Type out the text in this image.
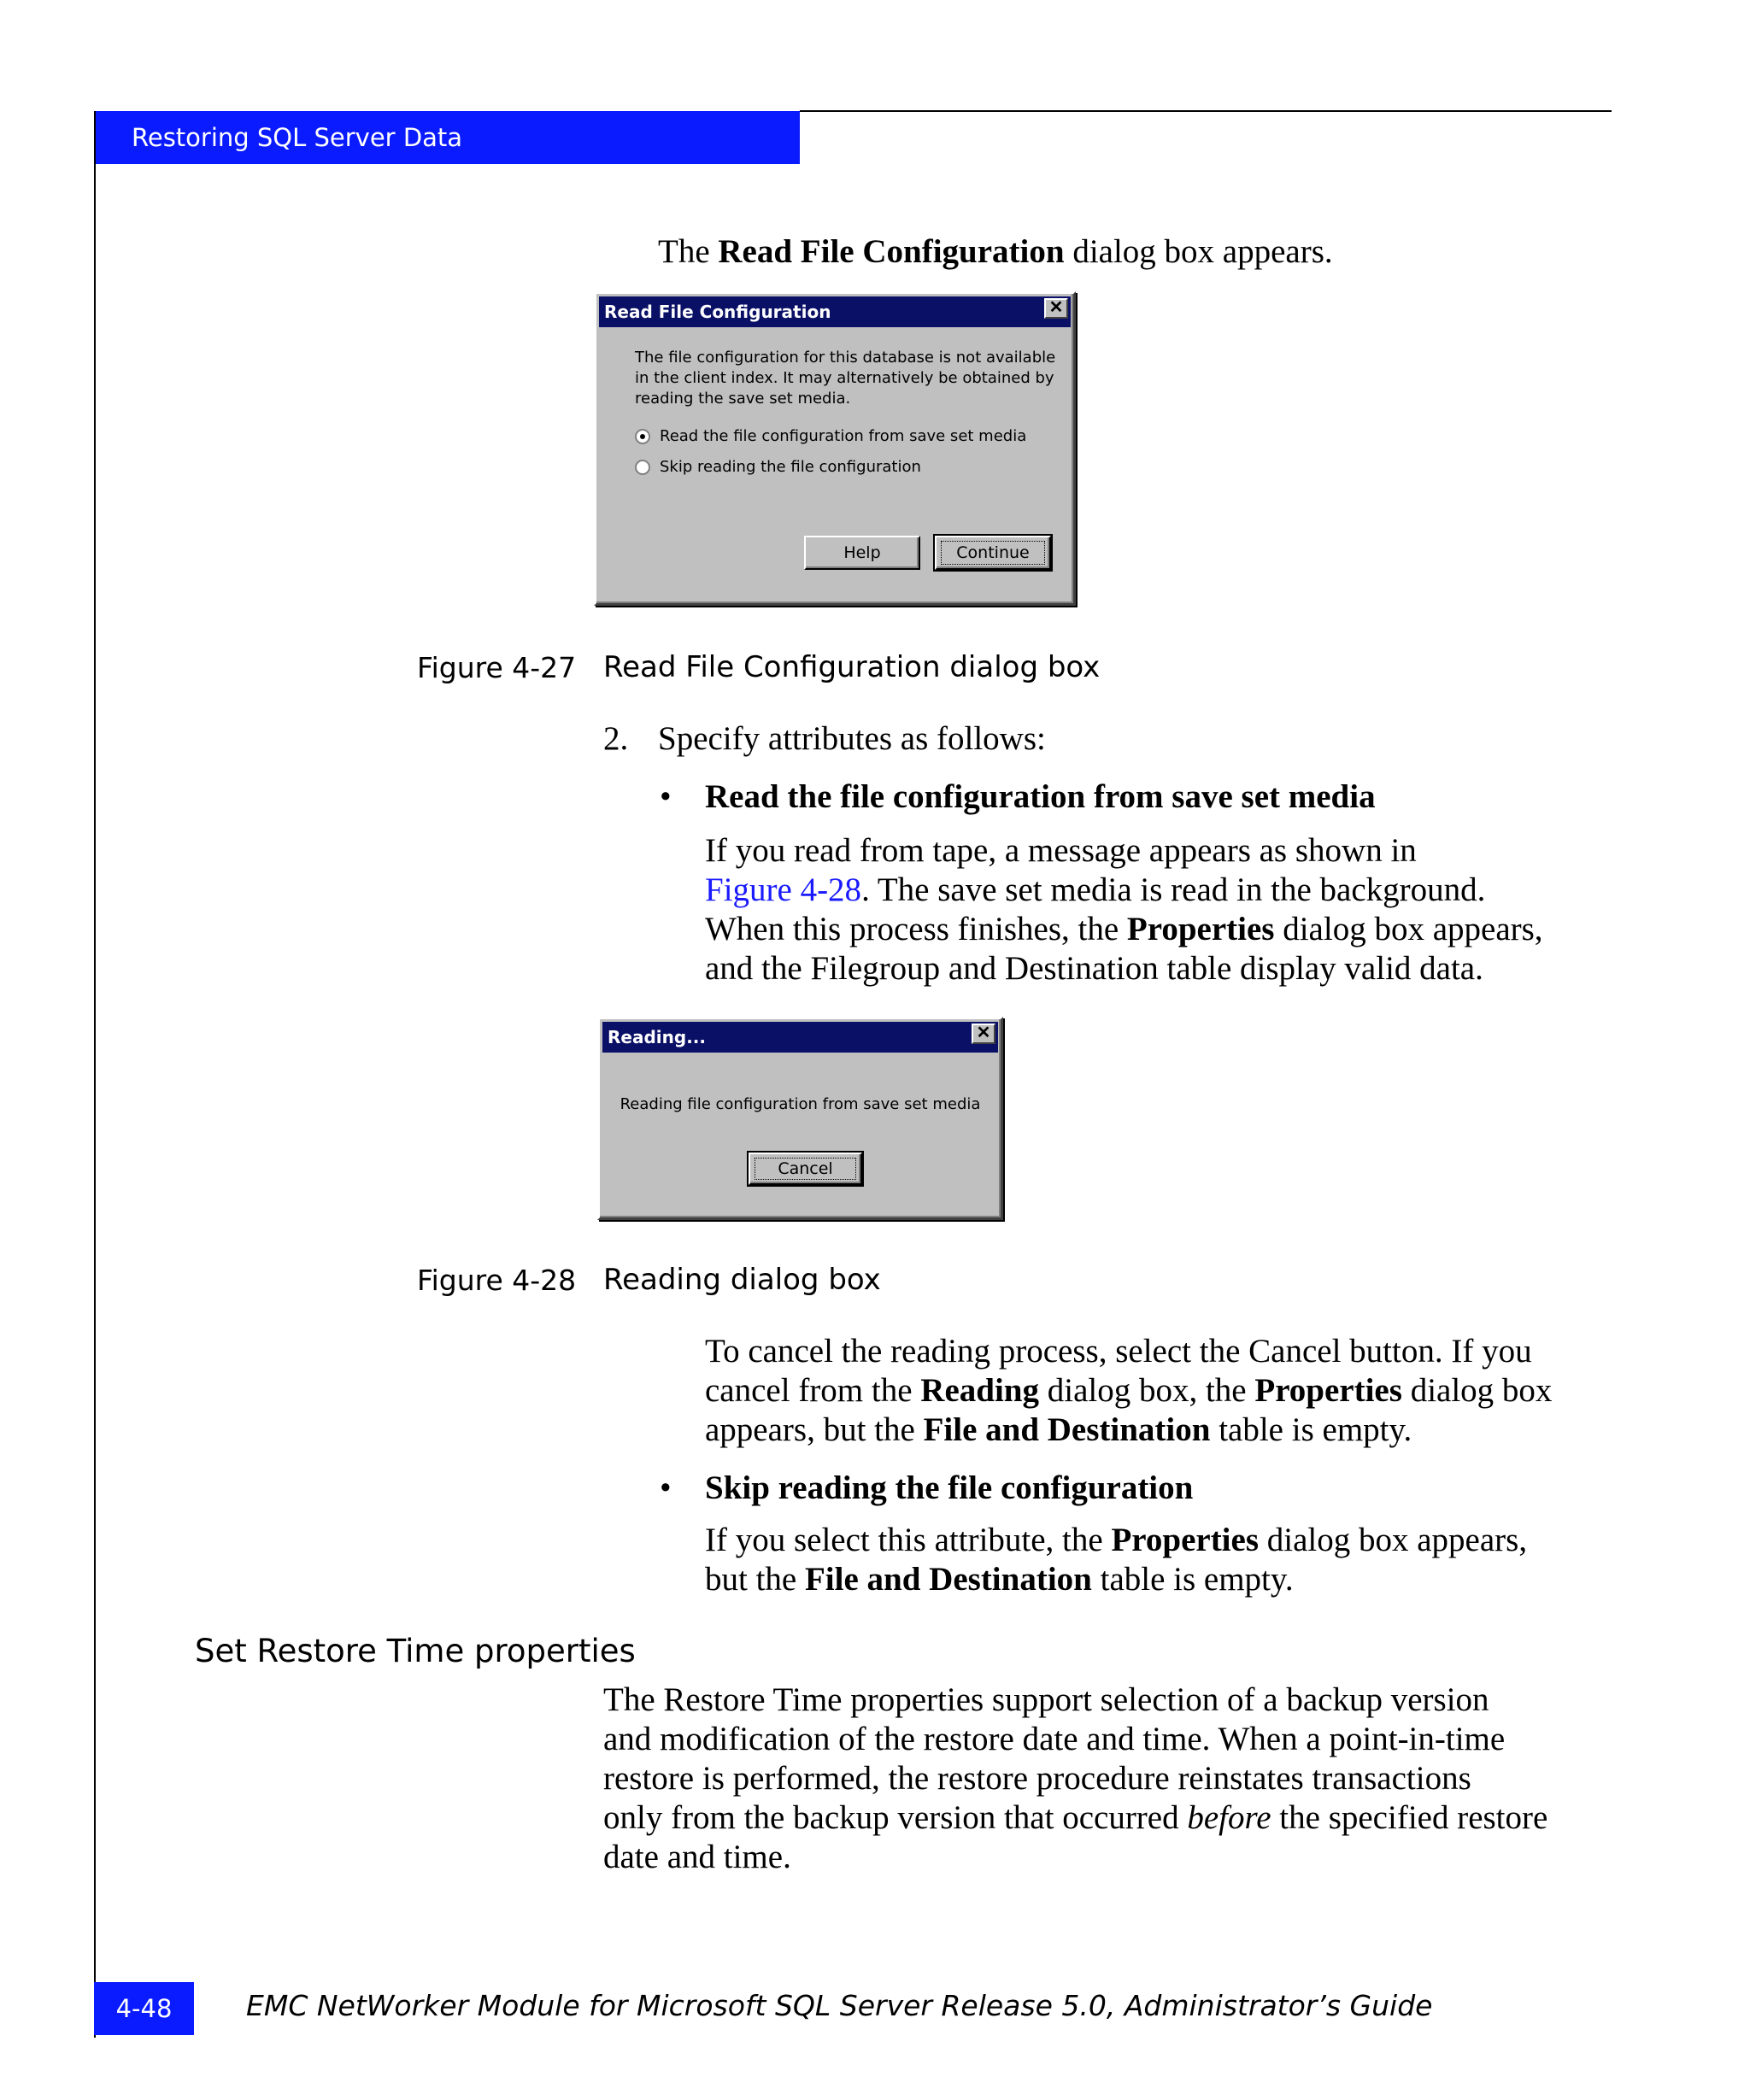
Restoring SQL Server Data
The Read File Configuration dialog box appears.
Read File Configuration	✕
The file configuration for this database is not available
in the client index. It may alternatively be obtained by
reading the save set media.
Read the file configuration from save set media
Skip reading the file configuration
Help	Continue
Figure 4-27 Read File Configuration dialog box
2. Specify attributes as follows:
• Read the file configuration from save set media
If you read from tape, a message appears as shown in
Figure 4-28. The save set media is read in the background.
When this process finishes, the Properties dialog box appears,
and the Filegroup and Destination table display valid data.
Reading...	✕
Reading file configuration from save set media
Cancel
Figure 4-28 Reading dialog box
To cancel the reading process, select the Cancel button. If you
cancel from the Reading dialog box, the Properties dialog box
appears, but the File and Destination table is empty.
• Skip reading the file configuration
If you select this attribute, the Properties dialog box appears,
but the File and Destination table is empty.
Set Restore Time properties
The Restore Time properties support selection of a backup version
and modification of the restore date and time. When a point-in-time
restore is performed, the restore procedure reinstates transactions
only from the backup version that occurred before the specified restore
date and time.
4-48	EMC NetWorker Module for Microsoft SQL Server Release 5.0, Administrator’s Guide
